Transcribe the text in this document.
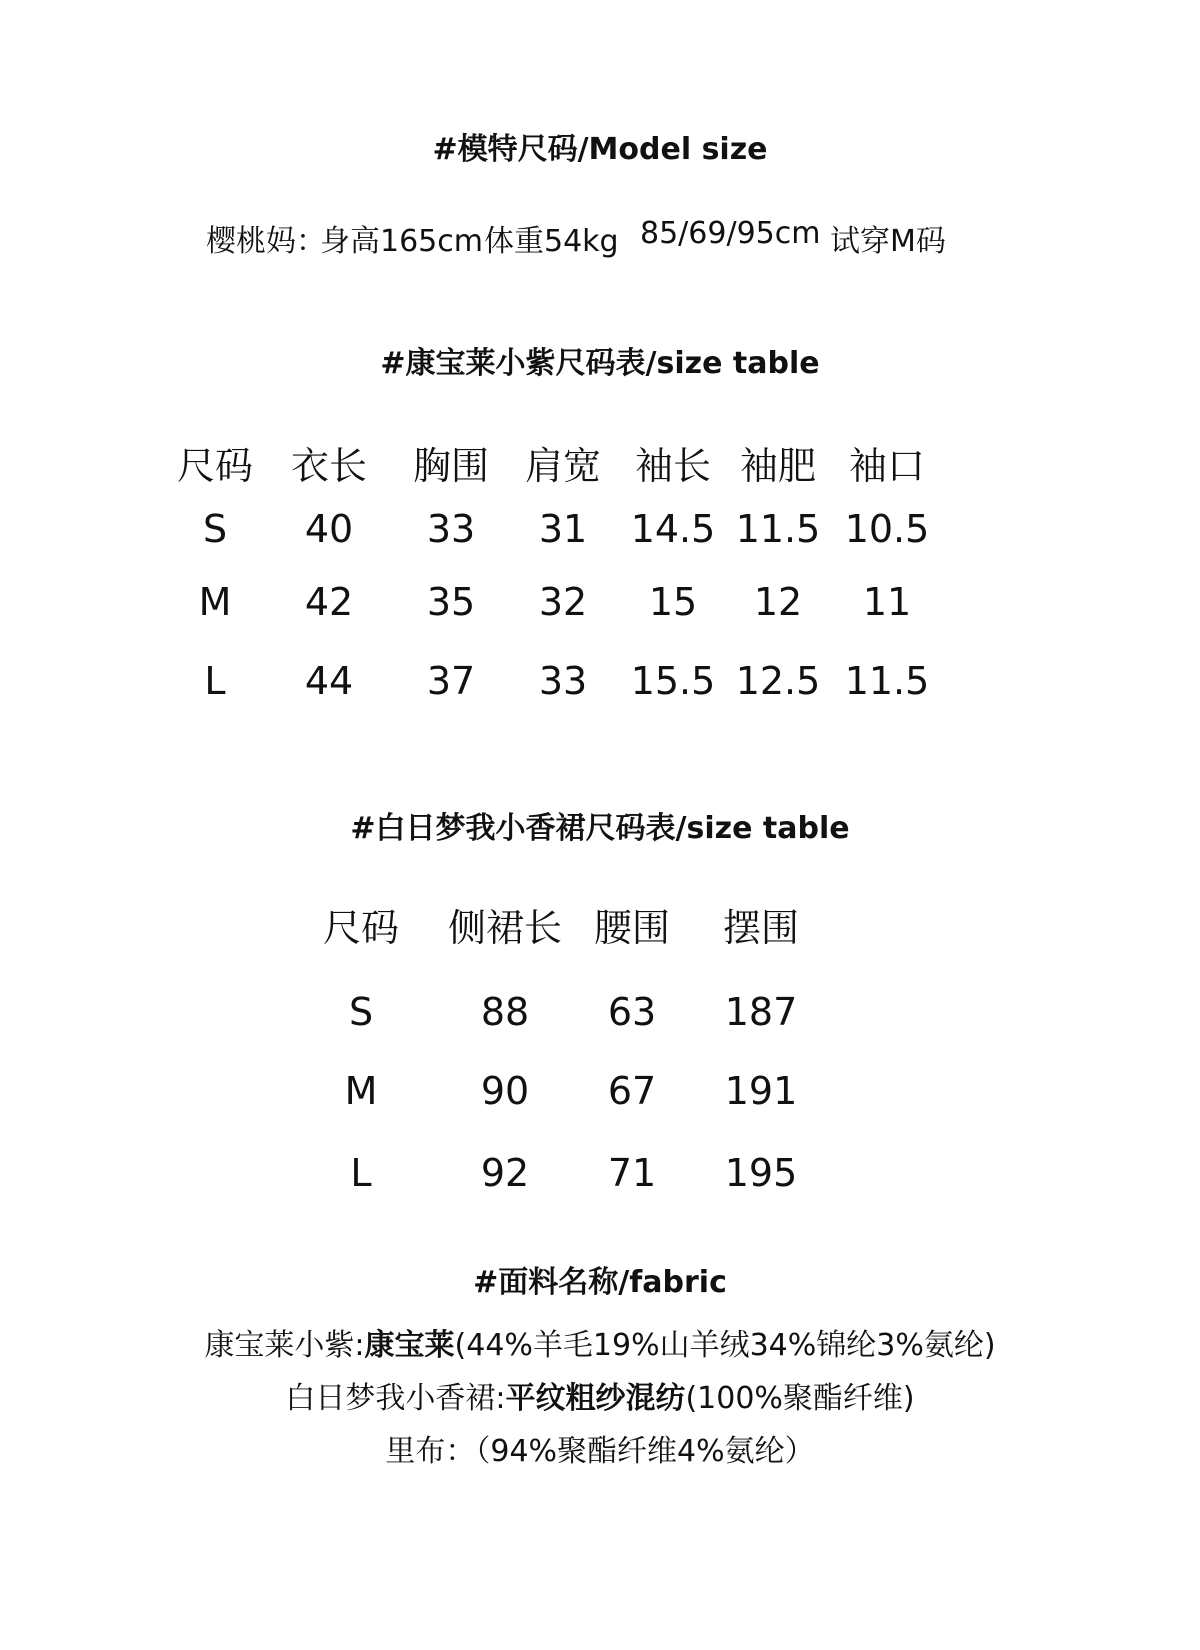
#模特尺码/Model size
樱桃妈：
身高165cm 体重54kg 85/69/95cm 试穿M码
#康宝莱小紫尺码表/size table
尺码 衣长	胸围 肩宽 袖长 袖肥 袖口
S	40	33	31	14.5 11.5 10.5
M	42	35	32	15	12	11
L	44	37	33	15.5 12.5 11.5
#白日梦我小香裙尺码表/size table
尺码	侧裙长 腰围	摆围
S	88	63	187
M	90	67	191
L	92	71	195
#面料名称/fabric
康宝莱小紫:康宝莱(44%羊毛19%山羊绒34%锦纶3%氨纶)
白日梦我小香裙:平纹粗纱混纺(100%聚酯纤维)
里布：（94%聚酯纤维4%氨纶）
